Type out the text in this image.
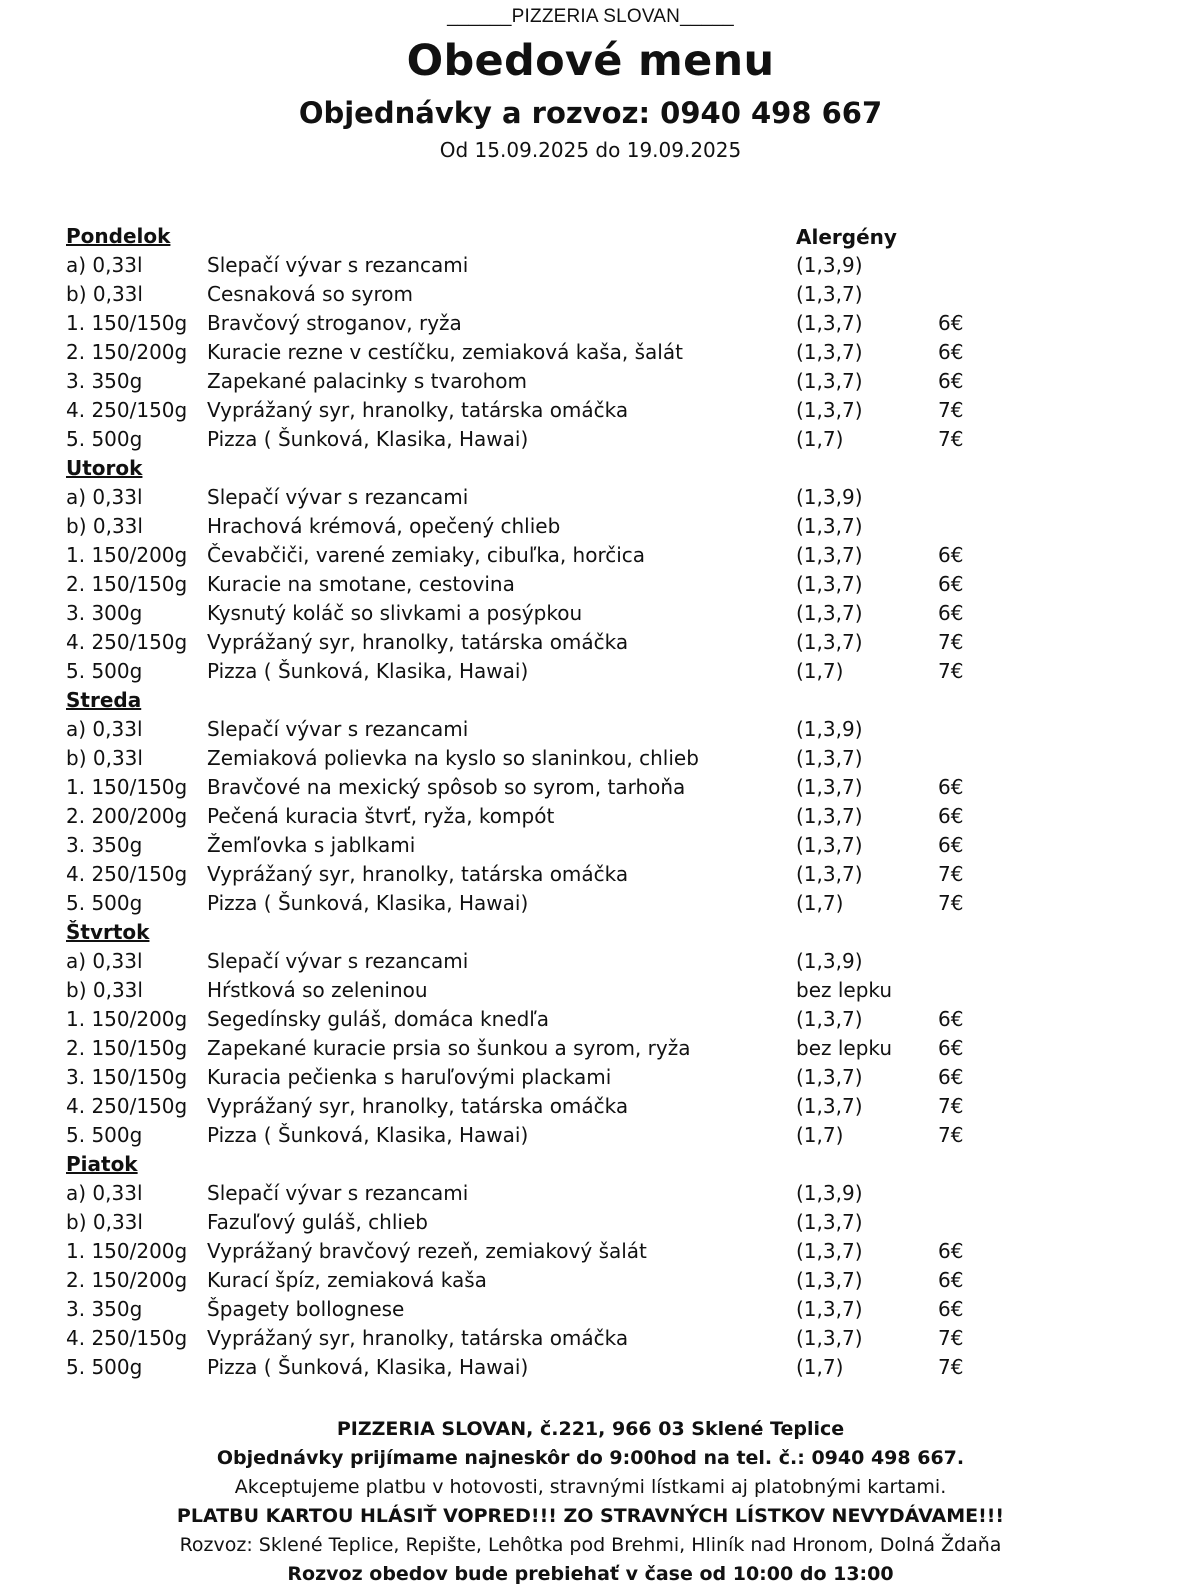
______PIZZERIA SLOVAN_____
Obedové menu
Objednávky a rozvoz: 0940 498 667
Od 15.09.2025 do 19.09.2025
Alergény
Pondelok
a) 0,33l	Slepačí vývar s rezancami	(1,3,9)
b) 0,33l	Cesnaková so syrom	(1,3,7)
1. 150/150g Bravčový stroganov, ryža	(1,3,7)	6€
2. 150/200g Kuracie rezne v cestíčku, zemiaková kaša, šalát	(1,3,7)	6€
3. 350g	Zapekané palacinky s tvarohom	(1,3,7)	6€
4. 250/150g Vyprážaný syr, hranolky, tatárska omáčka	(1,3,7)	7€
5. 500g	Pizza ( Šunková, Klasika, Hawai)	(1,7)	7€
Utorok
a) 0,33l	Slepačí vývar s rezancami	(1,3,9)
b) 0,33l	Hrachová krémová, opečený chlieb	(1,3,7)
1. 150/200g Čevabčiči, varené zemiaky, cibuľka, horčica	(1,3,7)	6€
2. 150/150g Kuracie na smotane, cestovina	(1,3,7)	6€
3. 300g	Kysnutý koláč so slivkami a posýpkou	(1,3,7)	6€
4. 250/150g Vyprážaný syr, hranolky, tatárska omáčka	(1,3,7)	7€
5. 500g	Pizza ( Šunková, Klasika, Hawai)	(1,7)	7€
Streda
a) 0,33l	Slepačí vývar s rezancami	(1,3,9)
b) 0,33l	Zemiaková polievka na kyslo so slaninkou, chlieb	(1,3,7)
1. 150/150g Bravčové na mexický spôsob so syrom, tarhoňa	(1,3,7)	6€
2. 200/200g Pečená kuracia štvrť, ryža, kompót	(1,3,7)	6€
3. 350g	Žemľovka s jablkami	(1,3,7)	6€
4. 250/150g Vyprážaný syr, hranolky, tatárska omáčka	(1,3,7)	7€
5. 500g	Pizza ( Šunková, Klasika, Hawai)	(1,7)	7€
Štvrtok
a) 0,33l	Slepačí vývar s rezancami	(1,3,9)
b) 0,33l	Hŕstková so zeleninou	bez lepku
1. 150/200g Segedínsky guláš, domáca knedľa	(1,3,7)	6€
2. 150/150g Zapekané kuracie prsia so šunkou a syrom, ryža	bez lepku 6€
3. 150/150g Kuracia pečienka s haruľovými plackami	(1,3,7)	6€
4. 250/150g Vyprážaný syr, hranolky, tatárska omáčka	(1,3,7)	7€
5. 500g	Pizza ( Šunková, Klasika, Hawai)	(1,7)	7€
Piatok
a) 0,33l	Slepačí vývar s rezancami	(1,3,9)
b) 0,33l	Fazuľový guláš, chlieb	(1,3,7)
1. 150/200g Vyprážaný bravčový rezeň, zemiakový šalát	(1,3,7)	6€
2. 150/200g Kurací špíz, zemiaková kaša	(1,3,7)	6€
3. 350g	Špagety bollognese	(1,3,7)	6€
4. 250/150g Vyprážaný syr, hranolky, tatárska omáčka	(1,3,7)	7€
5. 500g	Pizza ( Šunková, Klasika, Hawai)	(1,7)	7€
PIZZERIA SLOVAN, č.221, 966 03 Sklené Teplice
Objednávky prijímame najneskôr do 9:00hod na tel. č.: 0940 498 667.
Akceptujeme platbu v hotovosti, stravnými lístkami aj platobnými kartami.
PLATBU KARTOU HLÁSIŤ VOPRED!!! ZO STRAVNÝCH LÍSTKOV NEVYDÁVAME!!!
Rozvoz: Sklené Teplice, Repište, Lehôtka pod Brehmi, Hliník nad Hronom, Dolná Ždaňa
Rozvoz obedov bude prebiehať v čase od 10:00 do 13:00
